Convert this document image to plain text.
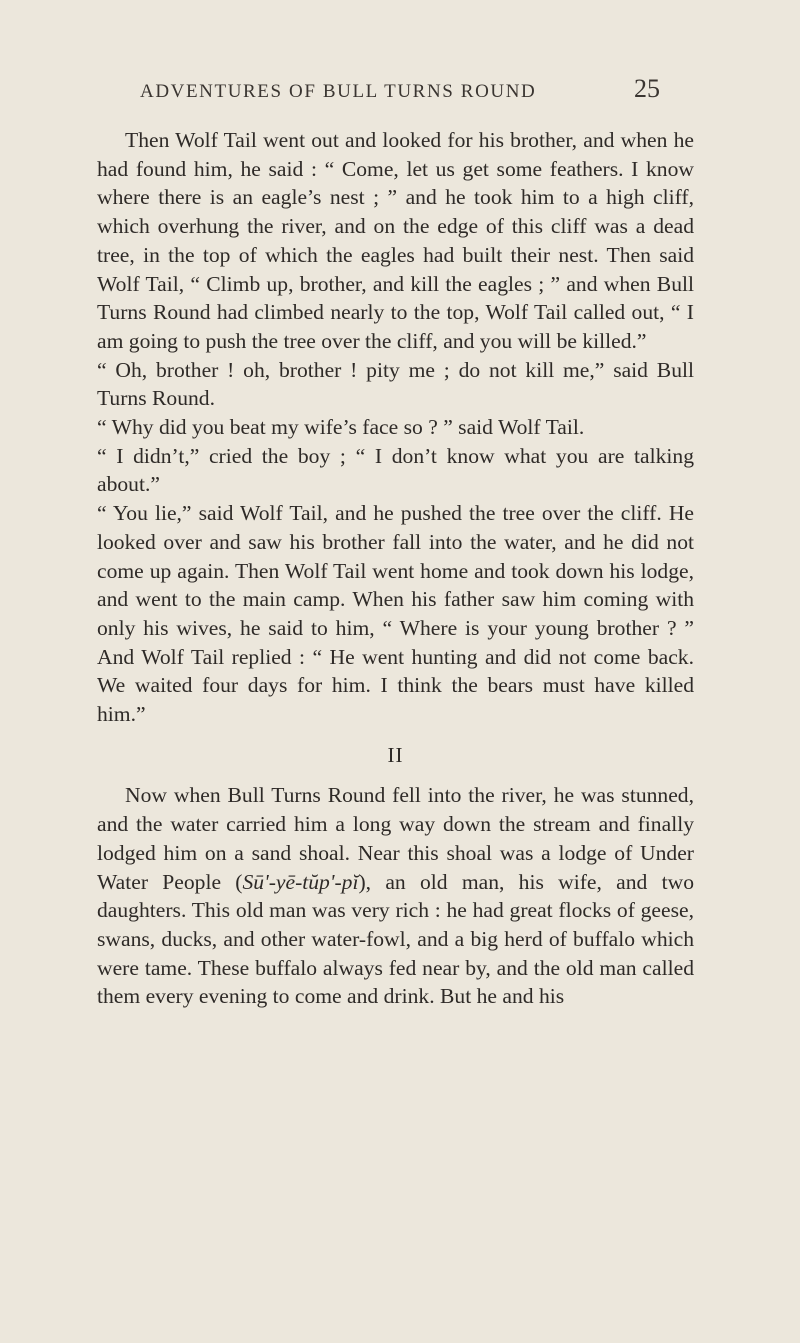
ADVENTURES OF BULL TURNS ROUND	25

Then Wolf Tail went out and looked for his brother, and when he had found him, he said : “ Come, let us get some feathers. I know where there is an eagle’s nest ; ” and he took him to a high cliff, which overhung the river, and on the edge of this cliff was a dead tree, in the top of which the eagles had built their nest. Then said Wolf Tail, “ Climb up, brother, and kill the eagles ; ” and when Bull Turns Round had climbed nearly to the top, Wolf Tail called out, “ I am going to push the tree over the cliff, and you will be killed.”

“ Oh, brother ! oh, brother ! pity me ; do not kill me,” said Bull Turns Round.

“ Why did you beat my wife’s face so ? ” said Wolf Tail.

“ I didn’t,” cried the boy ; “ I don’t know what you are talking about.”

“ You lie,” said Wolf Tail, and he pushed the tree over the cliff. He looked over and saw his brother fall into the water, and he did not come up again. Then Wolf Tail went home and took down his lodge, and went to the main camp. When his father saw him coming with only his wives, he said to him, “ Where is your young brother ? ” And Wolf Tail replied : “ He went hunting and did not come back. We waited four days for him. I think the bears must have killed him.”

II

Now when Bull Turns Round fell into the river, he was stunned, and the water carried him a long way down the stream and finally lodged him on a sand shoal. Near this shoal was a lodge of Under Water People (Sū'-yē-tŭp'-pĭ), an old man, his wife, and two daughters. This old man was very rich : he had great flocks of geese, swans, ducks, and other water-fowl, and a big herd of buffalo which were tame. These buffalo always fed near by, and the old man called them every evening to come and drink. But he and his
